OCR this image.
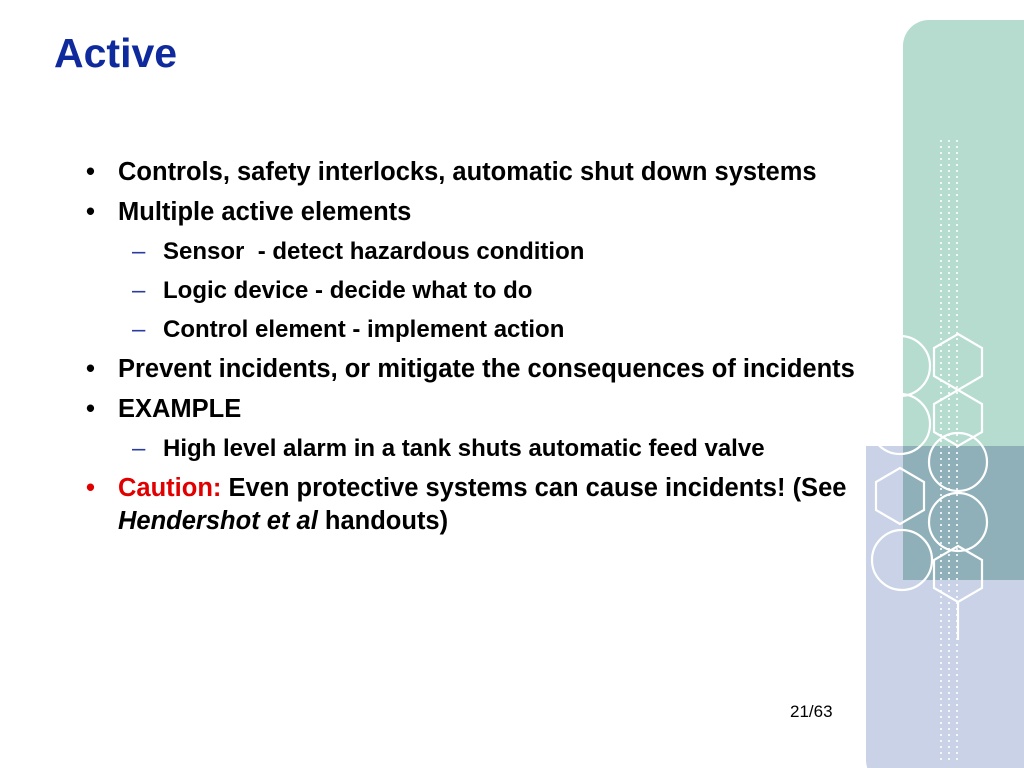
Active
• Controls, safety interlocks, automatic shut down systems
• Multiple active elements
– Sensor  - detect hazardous condition
– Logic device - decide what to do
– Control element - implement action
• Prevent incidents, or mitigate the consequences of incidents
• EXAMPLE
– High level alarm in a tank shuts automatic feed valve
• Caution: Even protective systems can cause incidents! (See Hendershot et al handouts)
21/63
